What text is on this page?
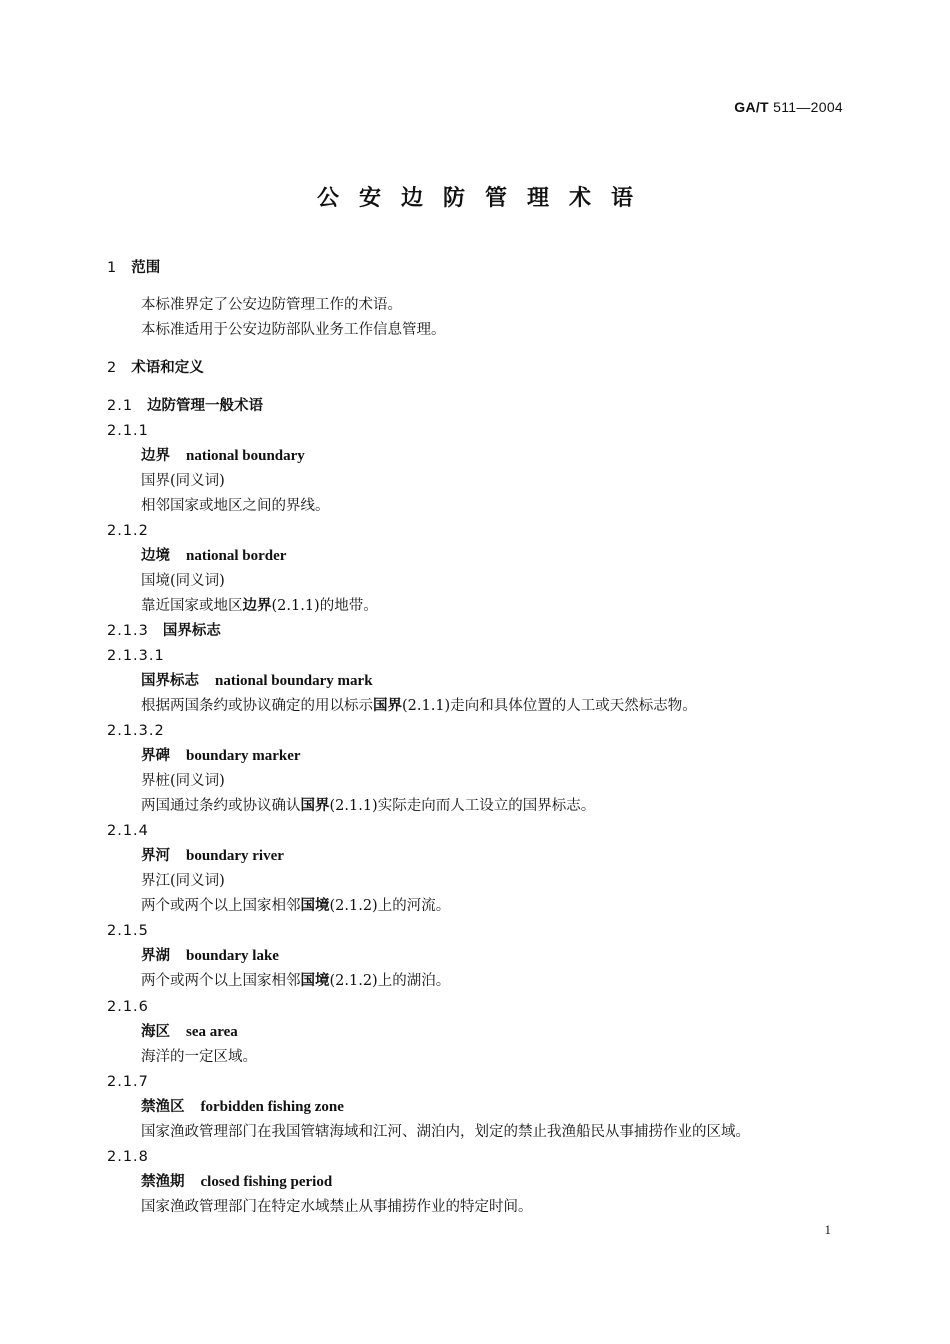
GA/T 511—2004
公安边防管理术语
1 范围
本标准界定了公安边防管理工作的术语。
本标准适用于公安边防部队业务工作信息管理。
2 术语和定义
2.1 边防管理一般术语
2.1.1
边界 national boundary
国界(同义词)
相邻国家或地区之间的界线。
2.1.2
边境 national border
国境(同义词)
靠近国家或地区边界(2.1.1)的地带。
2.1.3 国界标志
2.1.3.1
国界标志 national boundary mark
根据两国条约或协议确定的用以标示国界(2.1.1)走向和具体位置的人工或天然标志物。
2.1.3.2
界碑 boundary marker
界桩(同义词)
两国通过条约或协议确认国界(2.1.1)实际走向而人工设立的国界标志。
2.1.4
界河 boundary river
界江(同义词)
两个或两个以上国家相邻国境(2.1.2)上的河流。
2.1.5
界湖 boundary lake
两个或两个以上国家相邻国境(2.1.2)上的湖泊。
2.1.6
海区 sea area
海洋的一定区域。
2.1.7
禁渔区 forbidden fishing zone
国家渔政管理部门在我国管辖海域和江河、湖泊内，划定的禁止我渔船民从事捕捞作业的区域。
2.1.8
禁渔期 closed fishing period
国家渔政管理部门在特定水域禁止从事捕捞作业的特定时间。
1
